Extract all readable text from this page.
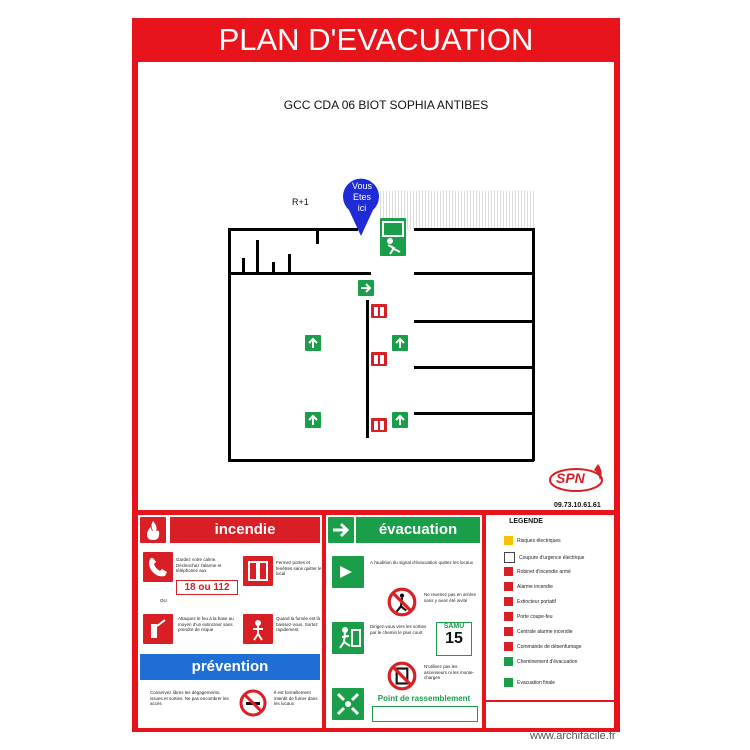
PLAN D'EVACUATION
GCC CDA 06 BIOT SOPHIA ANTIBES
R+1
Vous
Etes
ici
SPN
09.73.10.61.61
incendie
Gardez votre calme. Déclenchez l'alarme et téléphonez aux
18 ou 112
OU
Fermez portes et fenêtres sans quitter le local
Attaquez le feu à la base au moyen d'un extincteur sans prendre de risque
Quand la fumée est là baissez-vous. Sortez rapidement
prévention
Conservez libres les dégagements, issues et sorties. Ne pas encombrer les accès
Il est formellement interdit de fumer dans les locaux
évacuation
A l'audition du signal d'évacuation quittez les locaux
Ne revenez pas en arrière sans y avoir été invité
Dirigez-vous vers les sorties par le chemin le plus court
SAMU
15
N'utilisez pas les ascenseurs ni les monte-charges
Point de rassemblement
LEGENDE
Risques électriques
Coupure d'urgence électrique
Robinet d'incendie armé
Alarme incendie
Extincteur portatif
Porte coupe-feu
Centrale alarme incendie
Commande de désenfumage
Cheminement d'évacuation
Evacuation finale
www.archifacile.fr
